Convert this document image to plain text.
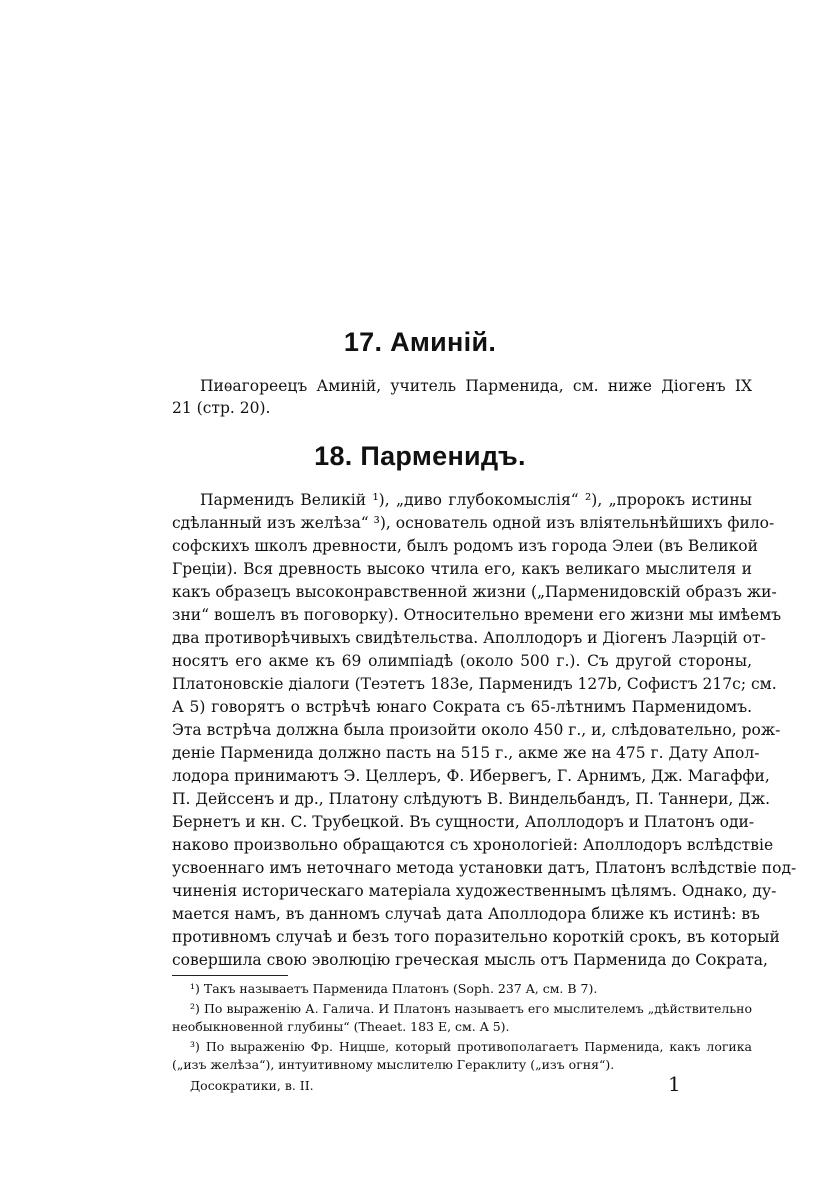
17. Аминій.

Пиѳагореецъ Аминій, учитель Парменида, см. ниже Діогенъ IX

21 (стр. 20).

18. Парменидъ.

Парменидъ Великій ¹), „диво глубокомыслія“ ²), „пророкъ истины

сдѣланный изъ желѣза“ ³), основатель одной изъ вліятельнѣйшихъ фило-

софскихъ школъ древности, былъ родомъ изъ города Элеи (въ Великой

Греціи). Вся древность высоко чтила его, какъ великаго мыслителя и

какъ образецъ высоконравственной жизни („Парменидовскій образъ жи-

зни“ вошелъ въ поговорку). Относительно времени его жизни мы имѣемъ

два противорѣчивыхъ свидѣтельства. Аполлодоръ и Діогенъ Лаэрцій от-

носятъ его акме къ 69 олимпіадѣ (около 500 г.). Съ другой стороны,

Платоновскіе діалоги (Теэтетъ 183е, Парменидъ 127b, Софистъ 217с; см.

А 5) говорятъ о встрѣчѣ юнаго Сократа съ 65-лѣтнимъ Парменидомъ.

Эта встрѣча должна была произойти около 450 г., и, слѣдовательно, рож-

деніе Парменида должно пасть на 515 г., акме же на 475 г. Дату Апол-

лодора принимаютъ Э. Целлеръ, Ф. Ибервегъ, Г. Арнимъ, Дж. Магаффи,

П. Дейссенъ и др., Платону слѣдуютъ В. Виндельбандъ, П. Таннери, Дж.

Бернетъ и кн. С. Трубецкой. Въ сущности, Аполлодоръ и Платонъ оди-

наково произвольно обращаются съ хронологіей: Аполлодоръ вслѣдствіе

усвоеннаго имъ неточнаго метода установки датъ, Платонъ вслѣдствіе под-

чиненія историческаго матеріала художественнымъ цѣлямъ. Однако, ду-

мается намъ, въ данномъ случаѣ дата Аполлодора ближе къ истинѣ: въ

противномъ случаѣ и безъ того поразительно короткій срокъ, въ который

совершила свою эволюцію греческая мысль отъ Парменида до Сократа,

¹) Такъ называетъ Парменида Платонъ (Soph. 237 A, см. B 7).

²) По выраженію А. Галича. И Платонъ называетъ его мыслителемъ „дѣйствительно

необыкновенной глубины“ (Theaet. 183 E, см. A 5).

³) По выраженію Фр. Ницше, который противополагаетъ Парменида, какъ логика

(„изъ желѣза“), интуитивному мыслителю Гераклиту („изъ огня“).

Досократики, в. II.	1
